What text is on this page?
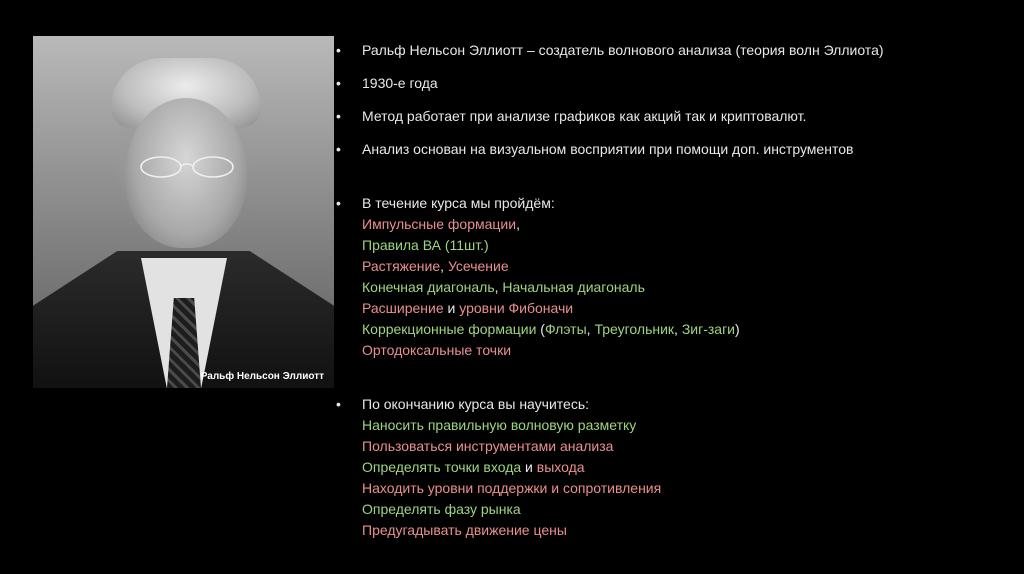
Ральф Нельсон Эллиотт
• Ральф Нельсон Эллиотт – создатель волнового анализа (теория волн Эллиота)
• 1930-е года
• Метод работает при анализе графиков как акций так и криптовалют.
• Анализ основан на визуальном восприятии при помощи доп. инструментов
• В течение курса мы пройдём:
Импульсные формации,
Правила ВА (11шт.)
Растяжение, Усечение
Конечная диагональ, Начальная диагональ
Расширение и уровни Фибоначи
Коррекционные формации (Флэты, Треугольник, Зиг-заги)
Ортодоксальные точки
• По окончанию курса вы научитесь:
Наносить правильную волновую разметку
Пользоваться инструментами анализа
Определять точки входа и выхода
Находить уровни поддержки и сопротивления
Определять фазу рынка
Предугадывать движение цены
